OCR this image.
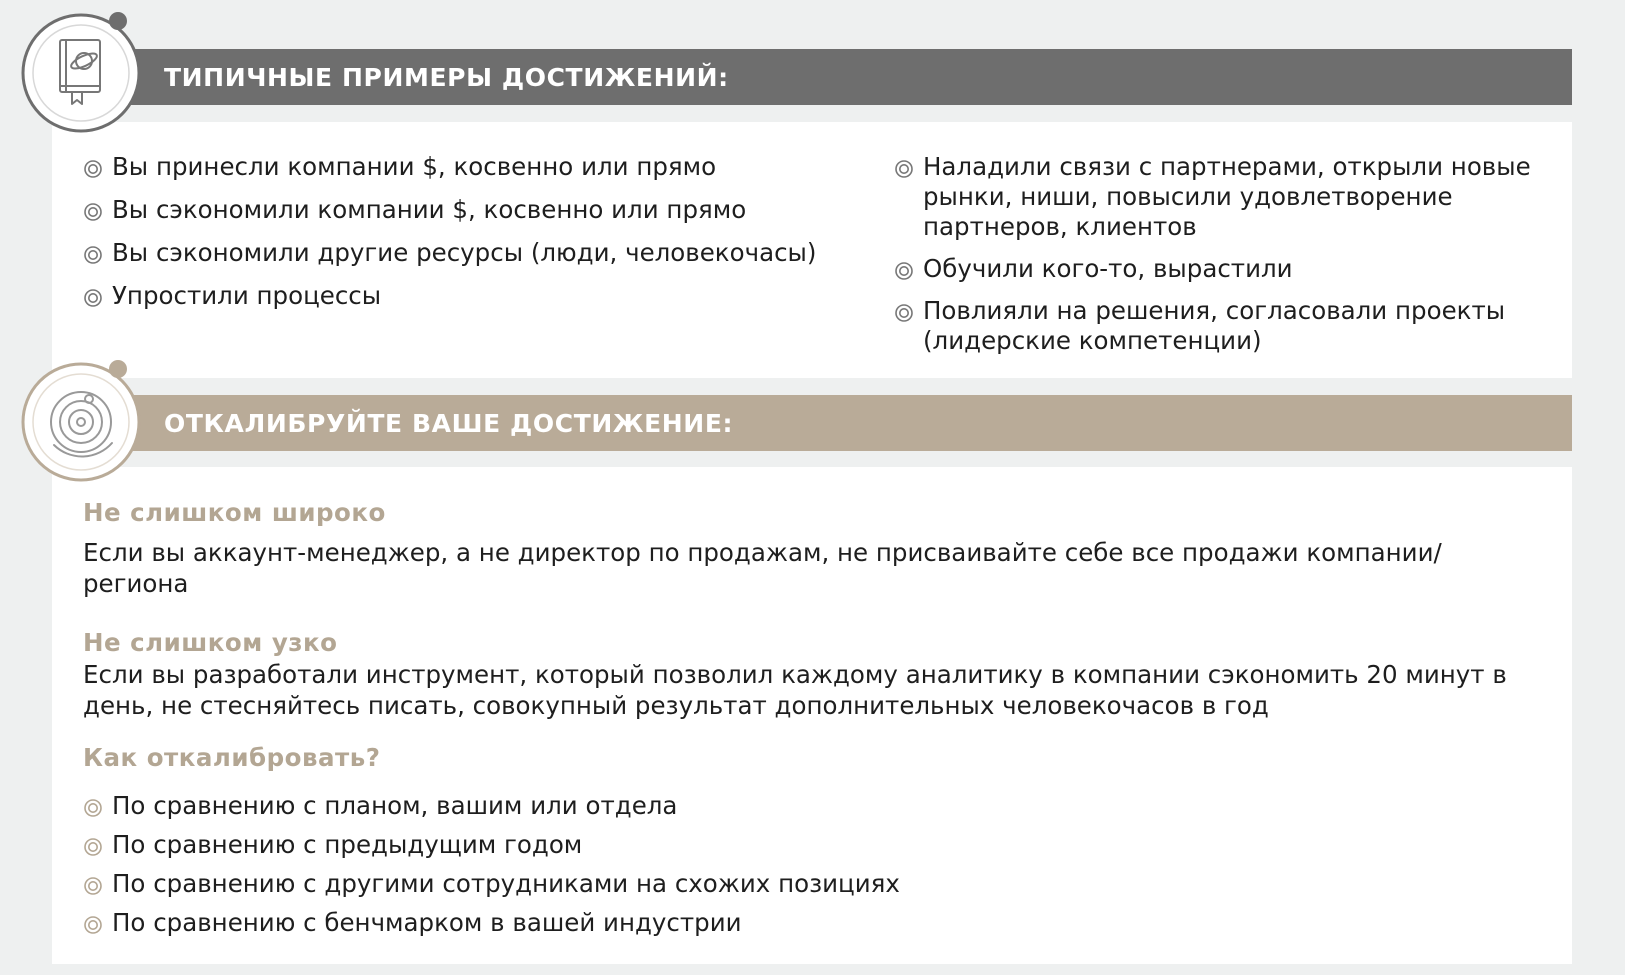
ТИПИЧНЫЕ ПРИМЕРЫ ДОСТИЖЕНИЙ:
Вы принесли компании $, косвенно или прямо
Вы сэкономили компании $, косвенно или прямо
Вы сэкономили другие ресурсы (люди, человекочасы)
Упростили процессы
Наладили связи с партнерами, открыли новые рынки, ниши, повысили удовлетворение партнеров, клиентов
Обучили кого-то, вырастили
Повлияли на решения, согласовали проекты (лидерские компетенции)
ОТКАЛИБРУЙТЕ ВАШЕ ДОСТИЖЕНИЕ:
Не слишком широко

Если вы аккаунт-менеджер, а не директор по продажам, не присваивайте себе все продажи компании/региона

Не слишком узко

Если вы разработали инструмент, который позволил каждому аналитику в компании сэкономить 20 минут в день, не стесняйтесь писать, совокупный результат дополнительных человекочасов в год

Как откалибровать?
По сравнению с планом, вашим или отдела
По сравнению с предыдущим годом
По сравнению с другими сотрудниками на схожих позициях
По сравнению с бенчмарком в вашей индустрии
